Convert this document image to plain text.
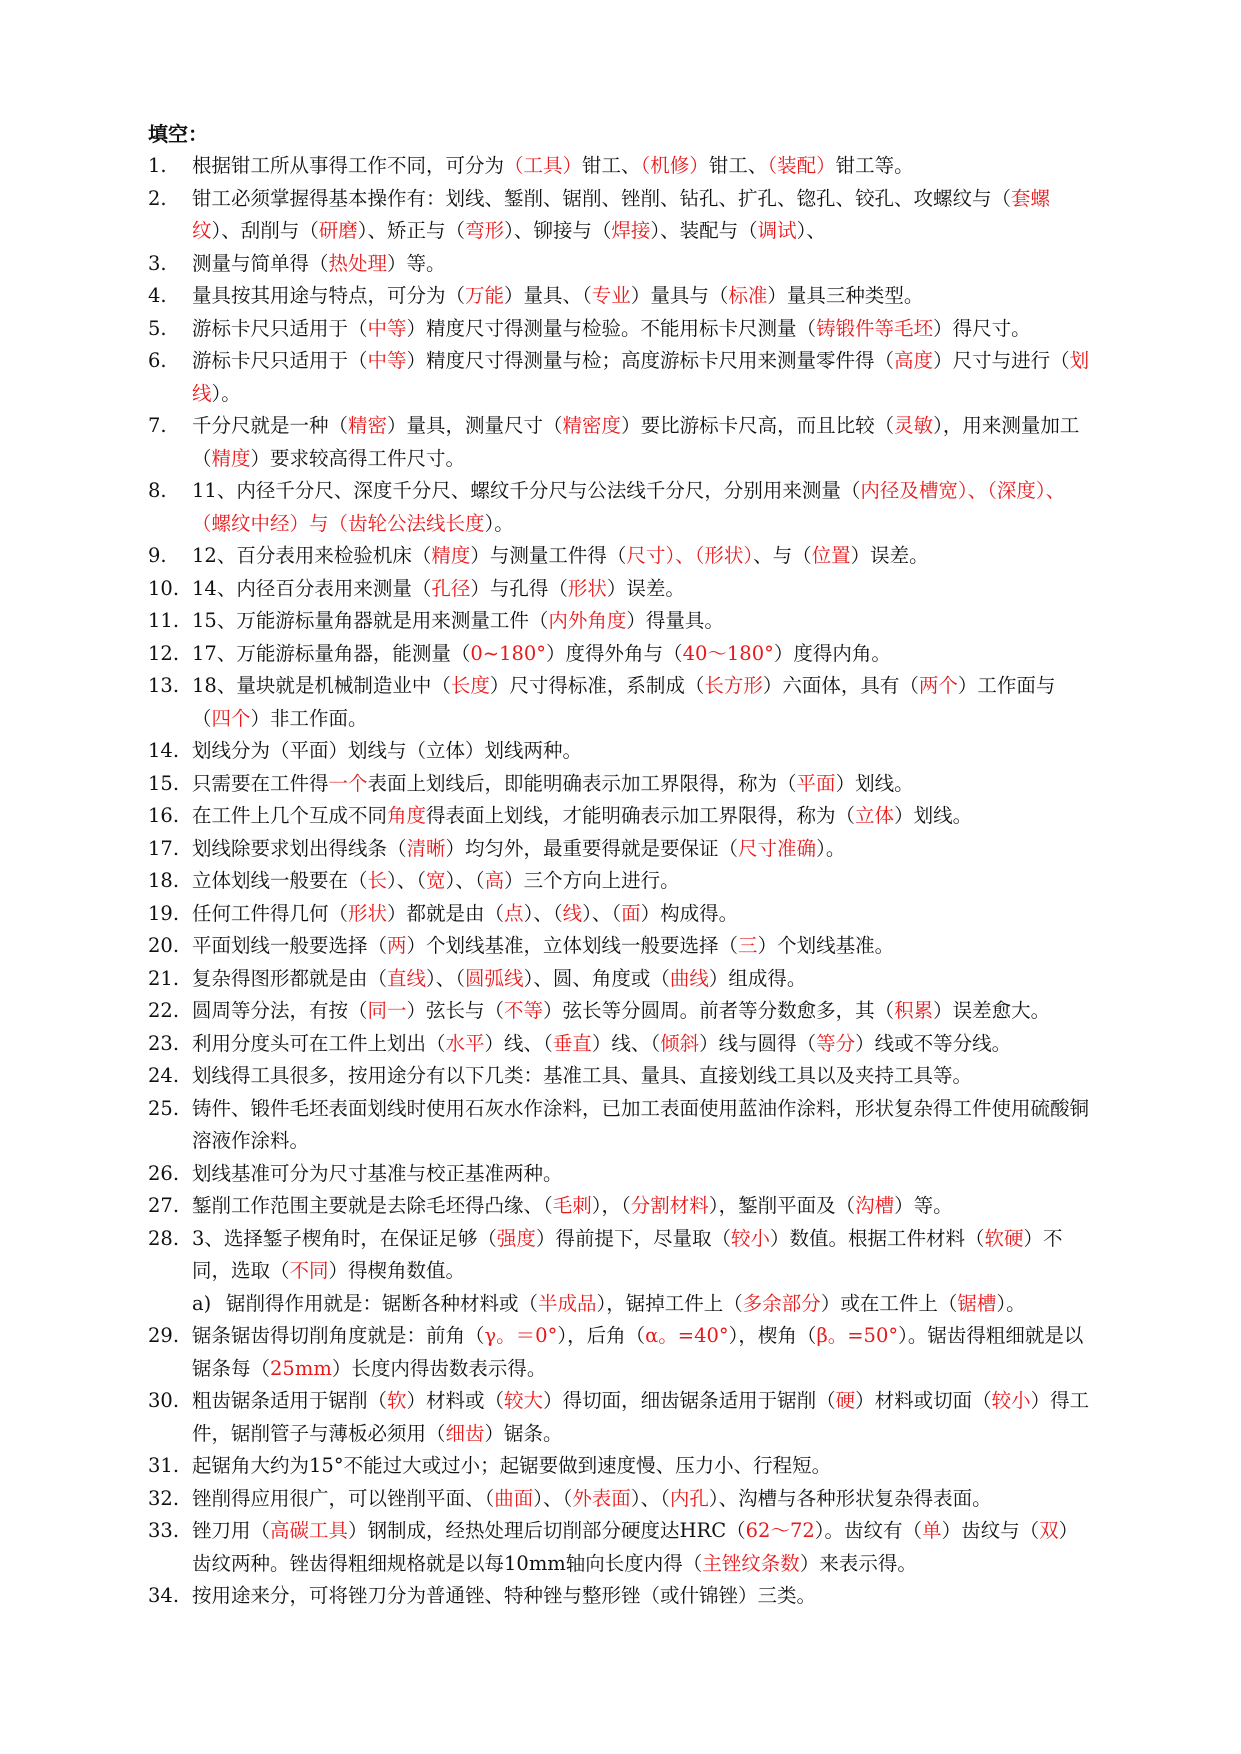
填空：
1.	根据钳工所从事得工作不同，可分为（工具）钳工、（机修）钳工、（装配）钳工等。
2.	钳工必须掌握得基本操作有：划线、錾削、锯削、锉削、钻孔、扩孔、锪孔、铰孔、攻螺纹与（套螺纹）、刮削与（研磨）、矫正与（弯形）、铆接与（焊接）、装配与（调试）、
3.	测量与简单得（热处理）等。
4.	量具按其用途与特点，可分为（万能）量具、（专业）量具与（标准）量具三种类型。
5.	游标卡尺只适用于（中等）精度尺寸得测量与检验。不能用标卡尺测量（铸锻件等毛坯）得尺寸。
6.	游标卡尺只适用于（中等）精度尺寸得测量与检；高度游标卡尺用来测量零件得（高度）尺寸与进行（划线）。
7.	千分尺就是一种（精密）量具，测量尺寸（精密度）要比游标卡尺高，而且比较（灵敏），用来测量加工（精度）要求较高得工件尺寸。
8.	11、内径千分尺、深度千分尺、螺纹千分尺与公法线千分尺，分别用来测量（内径及槽宽）、（深度）、（螺纹中经）与（齿轮公法线长度）。
9.	12、百分表用来检验机床（精度）与测量工件得（尺寸）、（形状）、与（位置）误差。
10. 14、内径百分表用来测量（孔径）与孔得（形状）误差。
11. 15、万能游标量角器就是用来测量工件（内外角度）得量具。
12. 17、万能游标量角器，能测量（0~180°）度得外角与（40～180°）度得内角。
13. 18、量块就是机械制造业中（长度）尺寸得标准，系制成（长方形）六面体，具有（两个）工作面与（四个）非工作面。
14. 划线分为（平面）划线与（立体）划线两种。
15. 只需要在工件得一个表面上划线后，即能明确表示加工界限得，称为（平面）划线。
16. 在工件上几个互成不同角度得表面上划线，才能明确表示加工界限得，称为（立体）划线。
17. 划线除要求划出得线条（清晰）均匀外，最重要得就是要保证（尺寸准确）。
18. 立体划线一般要在（长）、（宽）、（高）三个方向上进行。
19. 任何工件得几何（形状）都就是由（点）、（线）、（面）构成得。
20. 平面划线一般要选择（两）个划线基准，立体划线一般要选择（三）个划线基准。
21. 复杂得图形都就是由（直线）、（圆弧线）、圆、角度或（曲线）组成得。
22. 圆周等分法，有按（同一）弦长与（不等）弦长等分圆周。前者等分数愈多，其（积累）误差愈大。
23. 利用分度头可在工件上划出（水平）线、（垂直）线、（倾斜）线与圆得（等分）线或不等分线。
24. 划线得工具很多，按用途分有以下几类：基准工具、量具、直接划线工具以及夹持工具等。
25. 铸件、锻件毛坯表面划线时使用石灰水作涂料，已加工表面使用蓝油作涂料，形状复杂得工件使用硫酸铜溶液作涂料。
26. 划线基准可分为尺寸基准与校正基准两种。
27. 錾削工作范围主要就是去除毛坯得凸缘、（毛刺），（分割材料），錾削平面及（沟槽）等。
28. 3、选择錾子楔角时，在保证足够（强度）得前提下，尽量取（较小）数值。根据工件材料（软硬）不同，选取（不同）得楔角数值。
a) 锯削得作用就是：锯断各种材料或（半成品），锯掉工件上（多余部分）或在工件上（锯槽）。
29. 锯条锯齿得切削角度就是：前角（γ。＝0°），后角（α。=40°），楔角（β。=50°）。锯齿得粗细就是以锯条每（25mm）长度内得齿数表示得。
30. 粗齿锯条适用于锯削（软）材料或（较大）得切面，细齿锯条适用于锯削（硬）材料或切面（较小）得工件，锯削管子与薄板必须用（细齿）锯条。
31. 起锯角大约为15°不能过大或过小；起锯要做到速度慢、压力小、行程短。
32. 锉削得应用很广，可以锉削平面、（曲面）、（外表面）、（内孔）、沟槽与各种形状复杂得表面。
33. 锉刀用（高碳工具）钢制成，经热处理后切削部分硬度达HRC（62～72）。齿纹有（单）齿纹与（双）齿纹两种。锉齿得粗细规格就是以每10mm轴向长度内得（主锉纹条数）来表示得。
34. 按用途来分，可将锉刀分为普通锉、特种锉与整形锉（或什锦锉）三类。
